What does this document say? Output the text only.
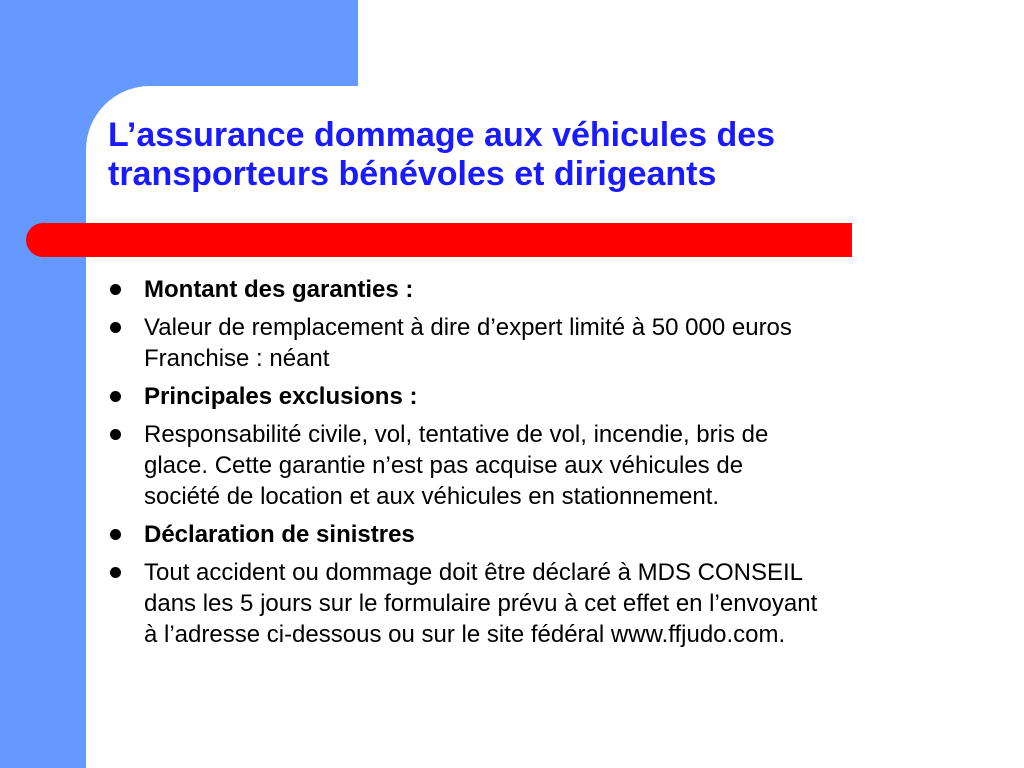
L’assurance dommage aux véhicules des
transporteurs bénévoles et dirigeants
Montant des garanties :
Valeur de remplacement à dire d’expert limité à 50 000 euros
Franchise : néant
Principales exclusions :
Responsabilité civile, vol, tentative de vol, incendie, bris de
glace. Cette garantie n’est pas acquise aux véhicules de
société de location et aux véhicules en stationnement.
Déclaration de sinistres
Tout accident ou dommage doit être déclaré à MDS CONSEIL
dans les 5 jours sur le formulaire prévu à cet effet en l’envoyant
à l’adresse ci-dessous ou sur le site fédéral www.ffjudo.com.
